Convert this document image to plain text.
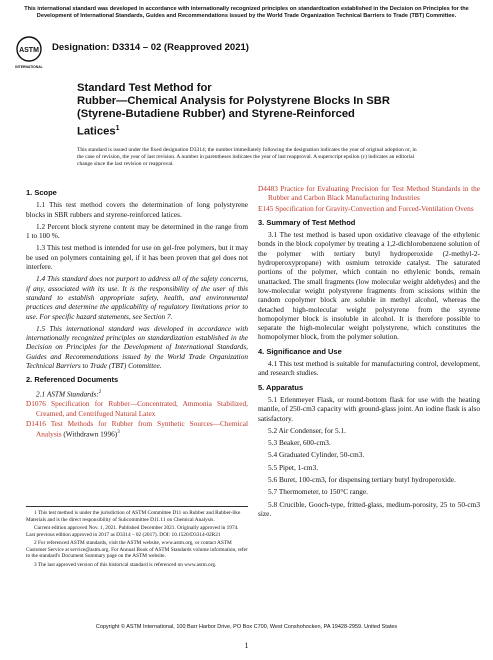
This international standard was developed in accordance with internationally recognized principles on standardization established in the Decision on Principles for the Development of International Standards, Guides and Recommendations issued by the World Trade Organization Technical Barriers to Trade (TBT) Committee.
ASTM
INTERNATIONAL
Designation: D3314 – 02 (Reapproved 2021)
Standard Test Method for
Rubber—Chemical Analysis for Polystyrene Blocks In SBR
(Styrene-Butadiene Rubber) and Styrene-Reinforced
Latices$^1$
This standard is issued under the fixed designation D3314; the number immediately following the designation indicates the year of original adoption or, in the case of revision, the year of last revision. A number in parentheses indicates the year of last reapproval. A superscript epsilon (ε) indicates an editorial change since the last revision or reapproval.
1. Scope

1.1 This test method covers the determination of long polystyrene blocks in SBR rubbers and styrene-reinforced latices.

1.2 Percent block styrene content may be determined in the range from 1 to 100 %.

1.3 This test method is intended for use on gel-free polymers, but it may be used on polymers containing gel, if it has been proven that gel does not interfere.

1.4 This standard does not purport to address all of the safety concerns, if any, associated with its use. It is the responsibility of the user of this standard to establish appropriate safety, health, and environmental practices and determine the applicability of regulatory limitations prior to use. For specific hazard statements, see Section 7.

1.5 This international standard was developed in accordance with internationally recognized principles on standardization established in the Decision on Principles for the Development of International Standards, Guides and Recommendations issued by the World Trade Organization Technical Barriers to Trade (TBT) Committee.

2. Referenced Documents
2.1 ASTM Standards:$^2$
D1076 Specification for Rubber—Concentrated, Ammonia Stabilized, Creamed, and Centrifuged Natural Latex
D1416 Test Methods for Rubber from Synthetic Sources—Chemical Analysis (Withdrawn 1996)$^3$

1 This test method is under the jurisdiction of ASTM Committee D11 on Rubber and Rubber-like Materials and is the direct responsibility of Subcommittee D11.11 on Chemical Analysis.

Current edition approved Nov. 1, 2021. Published December 2021. Originally approved in 1974. Last previous edition approved in 2017 as D3314 – 02 (2017). DOI: 10.1520/D3314-02R21

2 For referenced ASTM standards, visit the ASTM website, www.astm.org, or contact ASTM Customer Service at service@astm.org. For Annual Book of ASTM Standards volume information, refer to the standard's Document Summary page on the ASTM website.

3 The last approved version of this historical standard is referenced on www.astm.org.

D4483 Practice for Evaluating Precision for Test Method Standards in the Rubber and Carbon Black Manufacturing Industries
E145 Specification for Gravity-Convection and Forced-Ventilation Ovens
3. Summary of Test Method

3.1 The test method is based upon oxidative cleavage of the ethylenic bonds in the block copolymer by treating a 1,2-dichlorobenzene solution of the polymer with tertiary butyl hydroperoxide (2-methyl-2-hydroperoxypropane) with osmium tetroxide catalyst. The saturated portions of the polymer, which contain no ethylenic bonds, remain unattacked. The small fragments (low molecular weight aldehydes) and the low-molecular weight polystyrene fragments from scissions within the random copolymer block are soluble in methyl alcohol, whereas the detached high-molecular weight polystyrene from the styrene homopolymer block is insoluble in alcohol. It is therefore possible to separate the high-molecular weight polystyrene, which constitutes the homopolymer block, from the polymer solution.

4. Significance and Use

4.1 This test method is suitable for manufacturing control, development, and research studies.

5. Apparatus

5.1 Erlenmeyer Flask, or round-bottom flask for use with the heating mantle, of 250-cm3 capacity with ground-glass joint. An iodine flask is also satisfactory.

5.2 Air Condenser, for 5.1.

5.3 Beaker, 600-cm3.

5.4 Graduated Cylinder, 50-cm3.

5.5 Pipet, 1-cm3.

5.6 Buret, 100-cm3, for dispensing tertiary butyl hydroperoxide.

5.7 Thermometer, to 150°C range.

5.8 Crucible, Gooch-type, fritted-glass, medium-porosity, 25 to 50-cm3 size.

Copyright © ASTM International, 100 Barr Harbor Drive, PO Box C700, West Conshohocken, PA 19428-2959. United States
1
